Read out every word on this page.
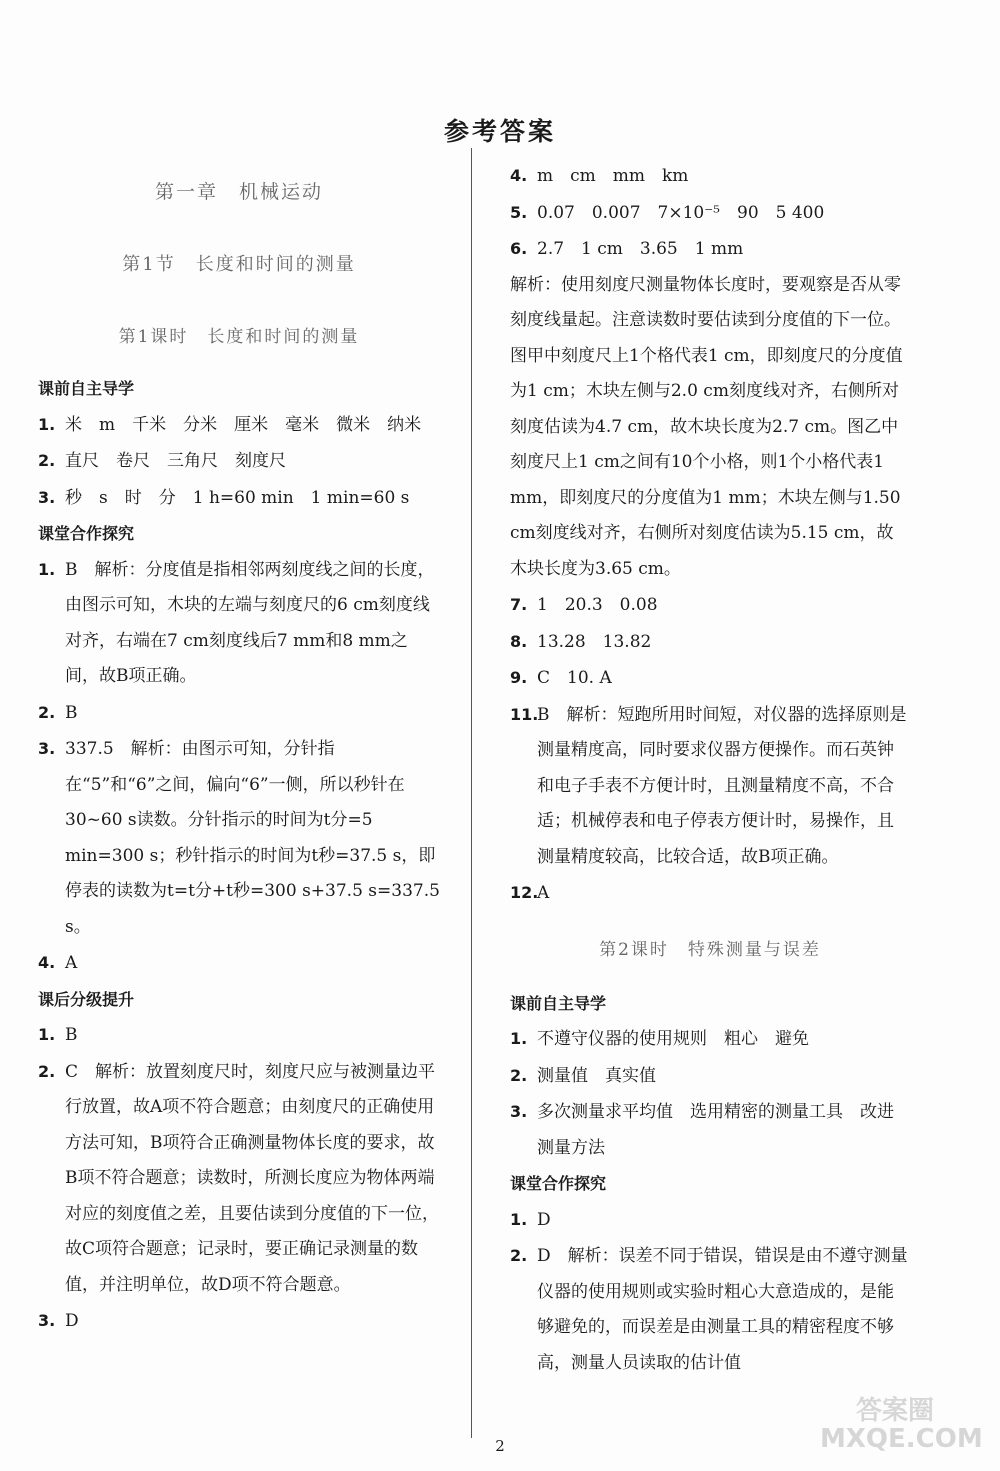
参考答案
第一章　机械运动
第1节　长度和时间的测量
第1课时　长度和时间的测量
课前自主导学
1. 米　m　千米　分米　厘米　毫米　微米　纳米
2. 直尺　卷尺　三角尺　刻度尺
3. 秒　s　时　分　1 h=60 min　1 min=60 s
课堂合作探究
1. B　解析：分度值是指相邻两刻度线之间的长度，由图示可知，木块的左端与刻度尺的6 cm刻度线对齐，右端在7 cm刻度线后7 mm和8 mm之间，故B项正确。
2. B
3. 337.5　解析：由图示可知，分针指在“5”和“6”之间，偏向“6”一侧，所以秒针在30~60 s读数。分针指示的时间为t分=5 min=300 s；秒针指示的时间为t秒=37.5 s，即停表的读数为t=t分+t秒=300 s+37.5 s=337.5 s。
4. A
课后分级提升
1. B
2. C　解析：放置刻度尺时，刻度尺应与被测量边平行放置，故A项不符合题意；由刻度尺的正确使用方法可知，B项符合正确测量物体长度的要求，故B项不符合题意；读数时，所测长度应为物体两端对应的刻度值之差，且要估读到分度值的下一位，故C项符合题意；记录时，要正确记录测量的数值，并注明单位，故D项不符合题意。
3. D
4. m　cm　mm　km
5. 0.07　0.007　7×10⁻⁵　90　5 400
6. 2.7　1 cm　3.65　1 mm
解析：使用刻度尺测量物体长度时，要观察是否从零刻度线量起。注意读数时要估读到分度值的下一位。图甲中刻度尺上1个格代表1 cm，即刻度尺的分度值为1 cm；木块左侧与2.0 cm刻度线对齐，右侧所对刻度估读为4.7 cm，故木块长度为2.7 cm。图乙中刻度尺上1 cm之间有10个小格，则1个小格代表1 mm，即刻度尺的分度值为1 mm；木块左侧与1.50 cm刻度线对齐，右侧所对刻度估读为5.15 cm，故木块长度为3.65 cm。
7. 1　20.3　0.08
8. 13.28　13.82
9. C　10. A
11.B　解析：短跑所用时间短，对仪器的选择原则是测量精度高，同时要求仪器方便操作。而石英钟和电子手表不方便计时，且测量精度不高，不合适；机械停表和电子停表方便计时，易操作，且测量精度较高，比较合适，故B项正确。
12.A
第2课时　特殊测量与误差
课前自主导学
1. 不遵守仪器的使用规则　粗心　避免
2. 测量值　真实值
3. 多次测量求平均值　选用精密的测量工具　改进测量方法
课堂合作探究
1. D
2. D　解析：误差不同于错误，错误是由不遵守测量仪器的使用规则或实验时粗心大意造成的，是能够避免的，而误差是由测量工具的精密程度不够高，测量人员读取的估计值
2
答案圈 MXQE.COM
